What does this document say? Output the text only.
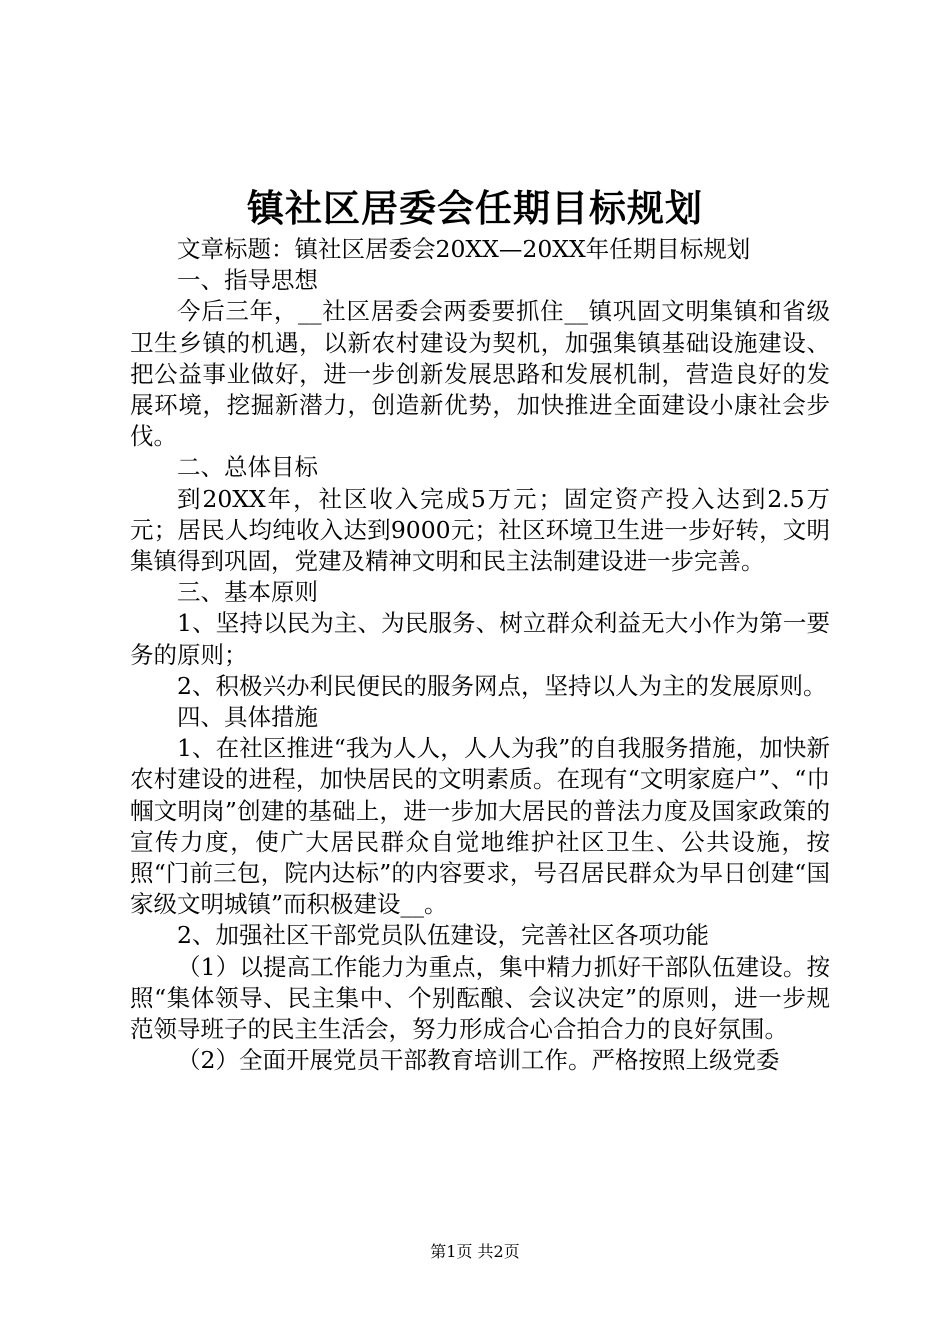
镇社区居委会任期目标规划

文章标题：镇社区居委会20XX—20XX年任期目标规划

一、指导思想

今后三年，__社区居委会两委要抓住__镇巩固文明集镇和省级卫生乡镇的机遇，以新农村建设为契机，加强集镇基础设施建设、把公益事业做好，进一步创新发展思路和发展机制，营造良好的发展环境，挖掘新潜力，创造新优势，加快推进全面建设小康社会步伐。

二、总体目标

到20XX年，社区收入完成5万元；固定资产投入达到2.5万元；居民人均纯收入达到9000元；社区环境卫生进一步好转，文明集镇得到巩固，党建及精神文明和民主法制建设进一步完善。

三、基本原则

1、坚持以民为主、为民服务、树立群众利益无大小作为第一要务的原则；

2、积极兴办利民便民的服务网点，坚持以人为主的发展原则。

四、具体措施

1、在社区推进“我为人人，人人为我”的自我服务措施，加快新农村建设的进程，加快居民的文明素质。在现有“文明家庭户”、“巾帼文明岗”创建的基础上，进一步加大居民的普法力度及国家政策的宣传力度，使广大居民群众自觉地维护社区卫生、公共设施，按照“门前三包，院内达标”的内容要求，号召居民群众为早日创建“国家级文明城镇”而积极建设__。

2、加强社区干部党员队伍建设，完善社区各项功能

（1）以提高工作能力为重点，集中精力抓好干部队伍建设。按照“集体领导、民主集中、个别酝酿、会议决定”的原则，进一步规范领导班子的民主生活会，努力形成合心合拍合力的良好氛围。

（2）全面开展党员干部教育培训工作。严格按照上级党委

第1页 共2页
